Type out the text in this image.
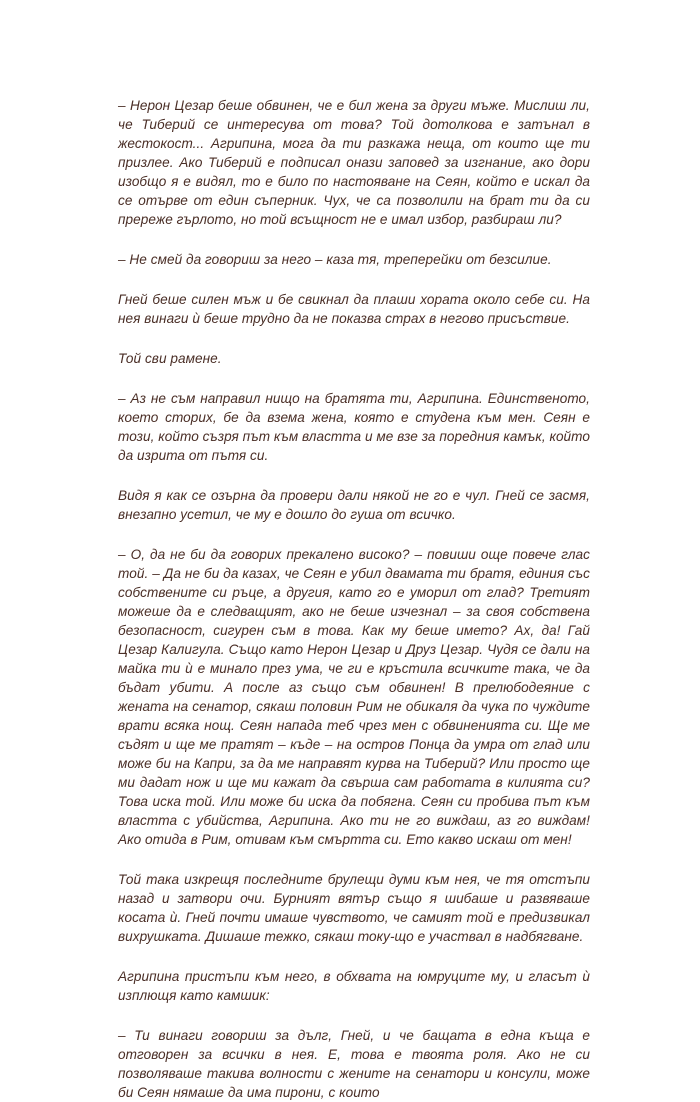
– Нерон Цезар беше обвинен, че е бил жена за други мъже. Мислиш ли, че Тиберий се интересува от това? Той дотолкова е затънал в жестокост... Агрипина, мога да ти разкажа неща, от които ще ти призлее. Ако Тиберий е подписал онази заповед за изгнание, ако дори изобщо я е видял, то е било по настояване на Сеян, който е искал да се отърве от един съперник. Чух, че са позволили на брат ти да си пререже гърлото, но той всъщност не е имал избор, разбираш ли?

– Не смей да говориш за него – каза тя, треперейки от безсилие.

Гней беше силен мъж и бе свикнал да плаши хората около себе си. На нея винаги ѝ беше трудно да не показва страх в негово присъствие.

Той сви рамене.

– Аз не съм направил нищо на братята ти, Агрипина. Единственото, което сторих, бе да взема жена, която е студена към мен. Сеян е този, който съзря път към властта и ме взе за поредния камък, който да изрита от пътя си.

Видя я как се озърна да провери дали някой не го е чул. Гней се засмя, внезапно усетил, че му е дошло до гуша от всичко.

– О, да не би да говорих прекалено високо? – повиши още повече глас той. – Да не би да казах, че Сеян е убил двамата ти братя, единия със собствените си ръце, а другия, като го е уморил от глад? Третият можеше да е следващият, ако не беше изчезнал – за своя собствена безопасност, сигурен съм в това. Как му беше името? Ах, да! Гай Цезар Калигула. Също като Нерон Цезар и Друз Цезар. Чудя се дали на майка ти ѝ е минало през ума, че ги е кръстила всичките така, че да бъдат убити. А после аз също съм обвинен! В прелюбодеяние с жената на сенатор, сякаш половин Рим не обикаля да чука по чуждите врати всяка нощ. Сеян напада теб чрез мен с обвиненията си. Ще ме съдят и ще ме пратят – къде – на остров Понца да умра от глад или може би на Капри, за да ме направят курва на Тиберий? Или просто ще ми дадат нож и ще ми кажат да свърша сам работата в килията си? Това иска той. Или може би иска да побягна. Сеян си пробива път към властта с убийства, Агрипина. Ако ти не го виждаш, аз го виждам! Ако отида в Рим, отивам към смъртта си. Ето какво искаш от мен!

Той така изкрещя последните брулещи думи към нея, че тя отстъпи назад и затвори очи. Бурният вятър също я шибаше и развяваше косата ѝ. Гней почти имаше чувството, че самият той е предизвикал вихрушката. Дишаше тежко, сякаш току-що е участвал в надбягване.

Агрипина пристъпи към него, в обхвата на юмруците му, и гласът ѝ изплющя като камшик:

– Ти винаги говориш за дълг, Гней, и че бащата в една къща е отговорен за всички в нея. Е, това е твоята роля. Ако не си позволяваше такива волности с жените на сенатори и консули, може би Сеян нямаше да има пирони, с които
